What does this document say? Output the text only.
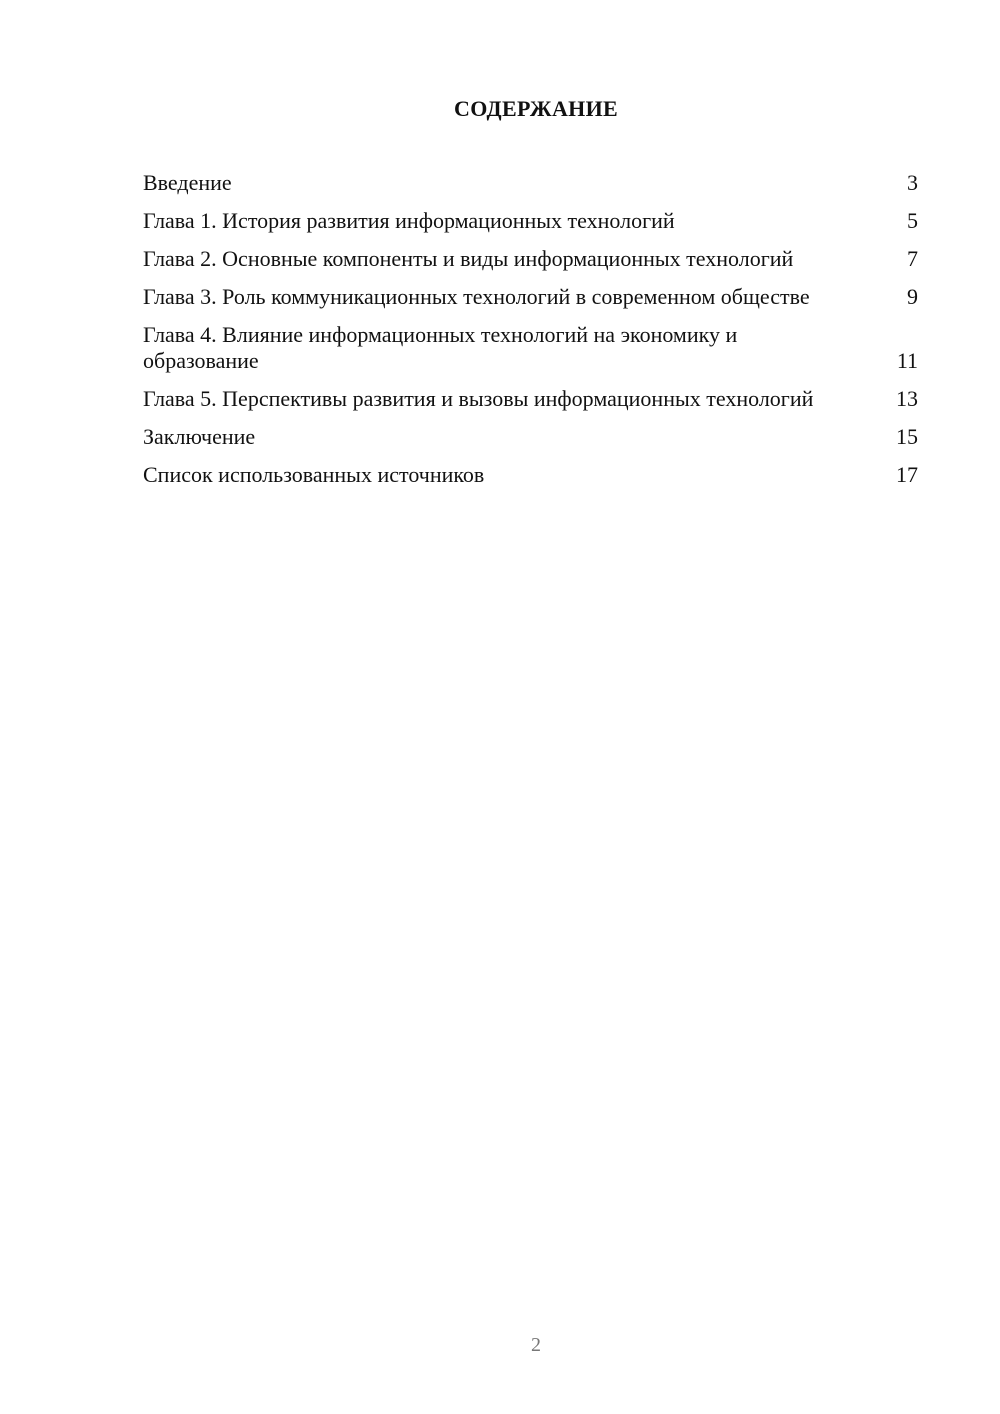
СОДЕРЖАНИЕ
Введение	3
Глава 1. История развития информационных технологий	5
Глава 2. Основные компоненты и виды информационных технологий	7
Глава 3. Роль коммуникационных технологий в современном обществе	9
Глава 4. Влияние информационных технологий на экономику и образование	11
Глава 5. Перспективы развития и вызовы информационных технологий	13
Заключение	15
Список использованных источников	17
2
